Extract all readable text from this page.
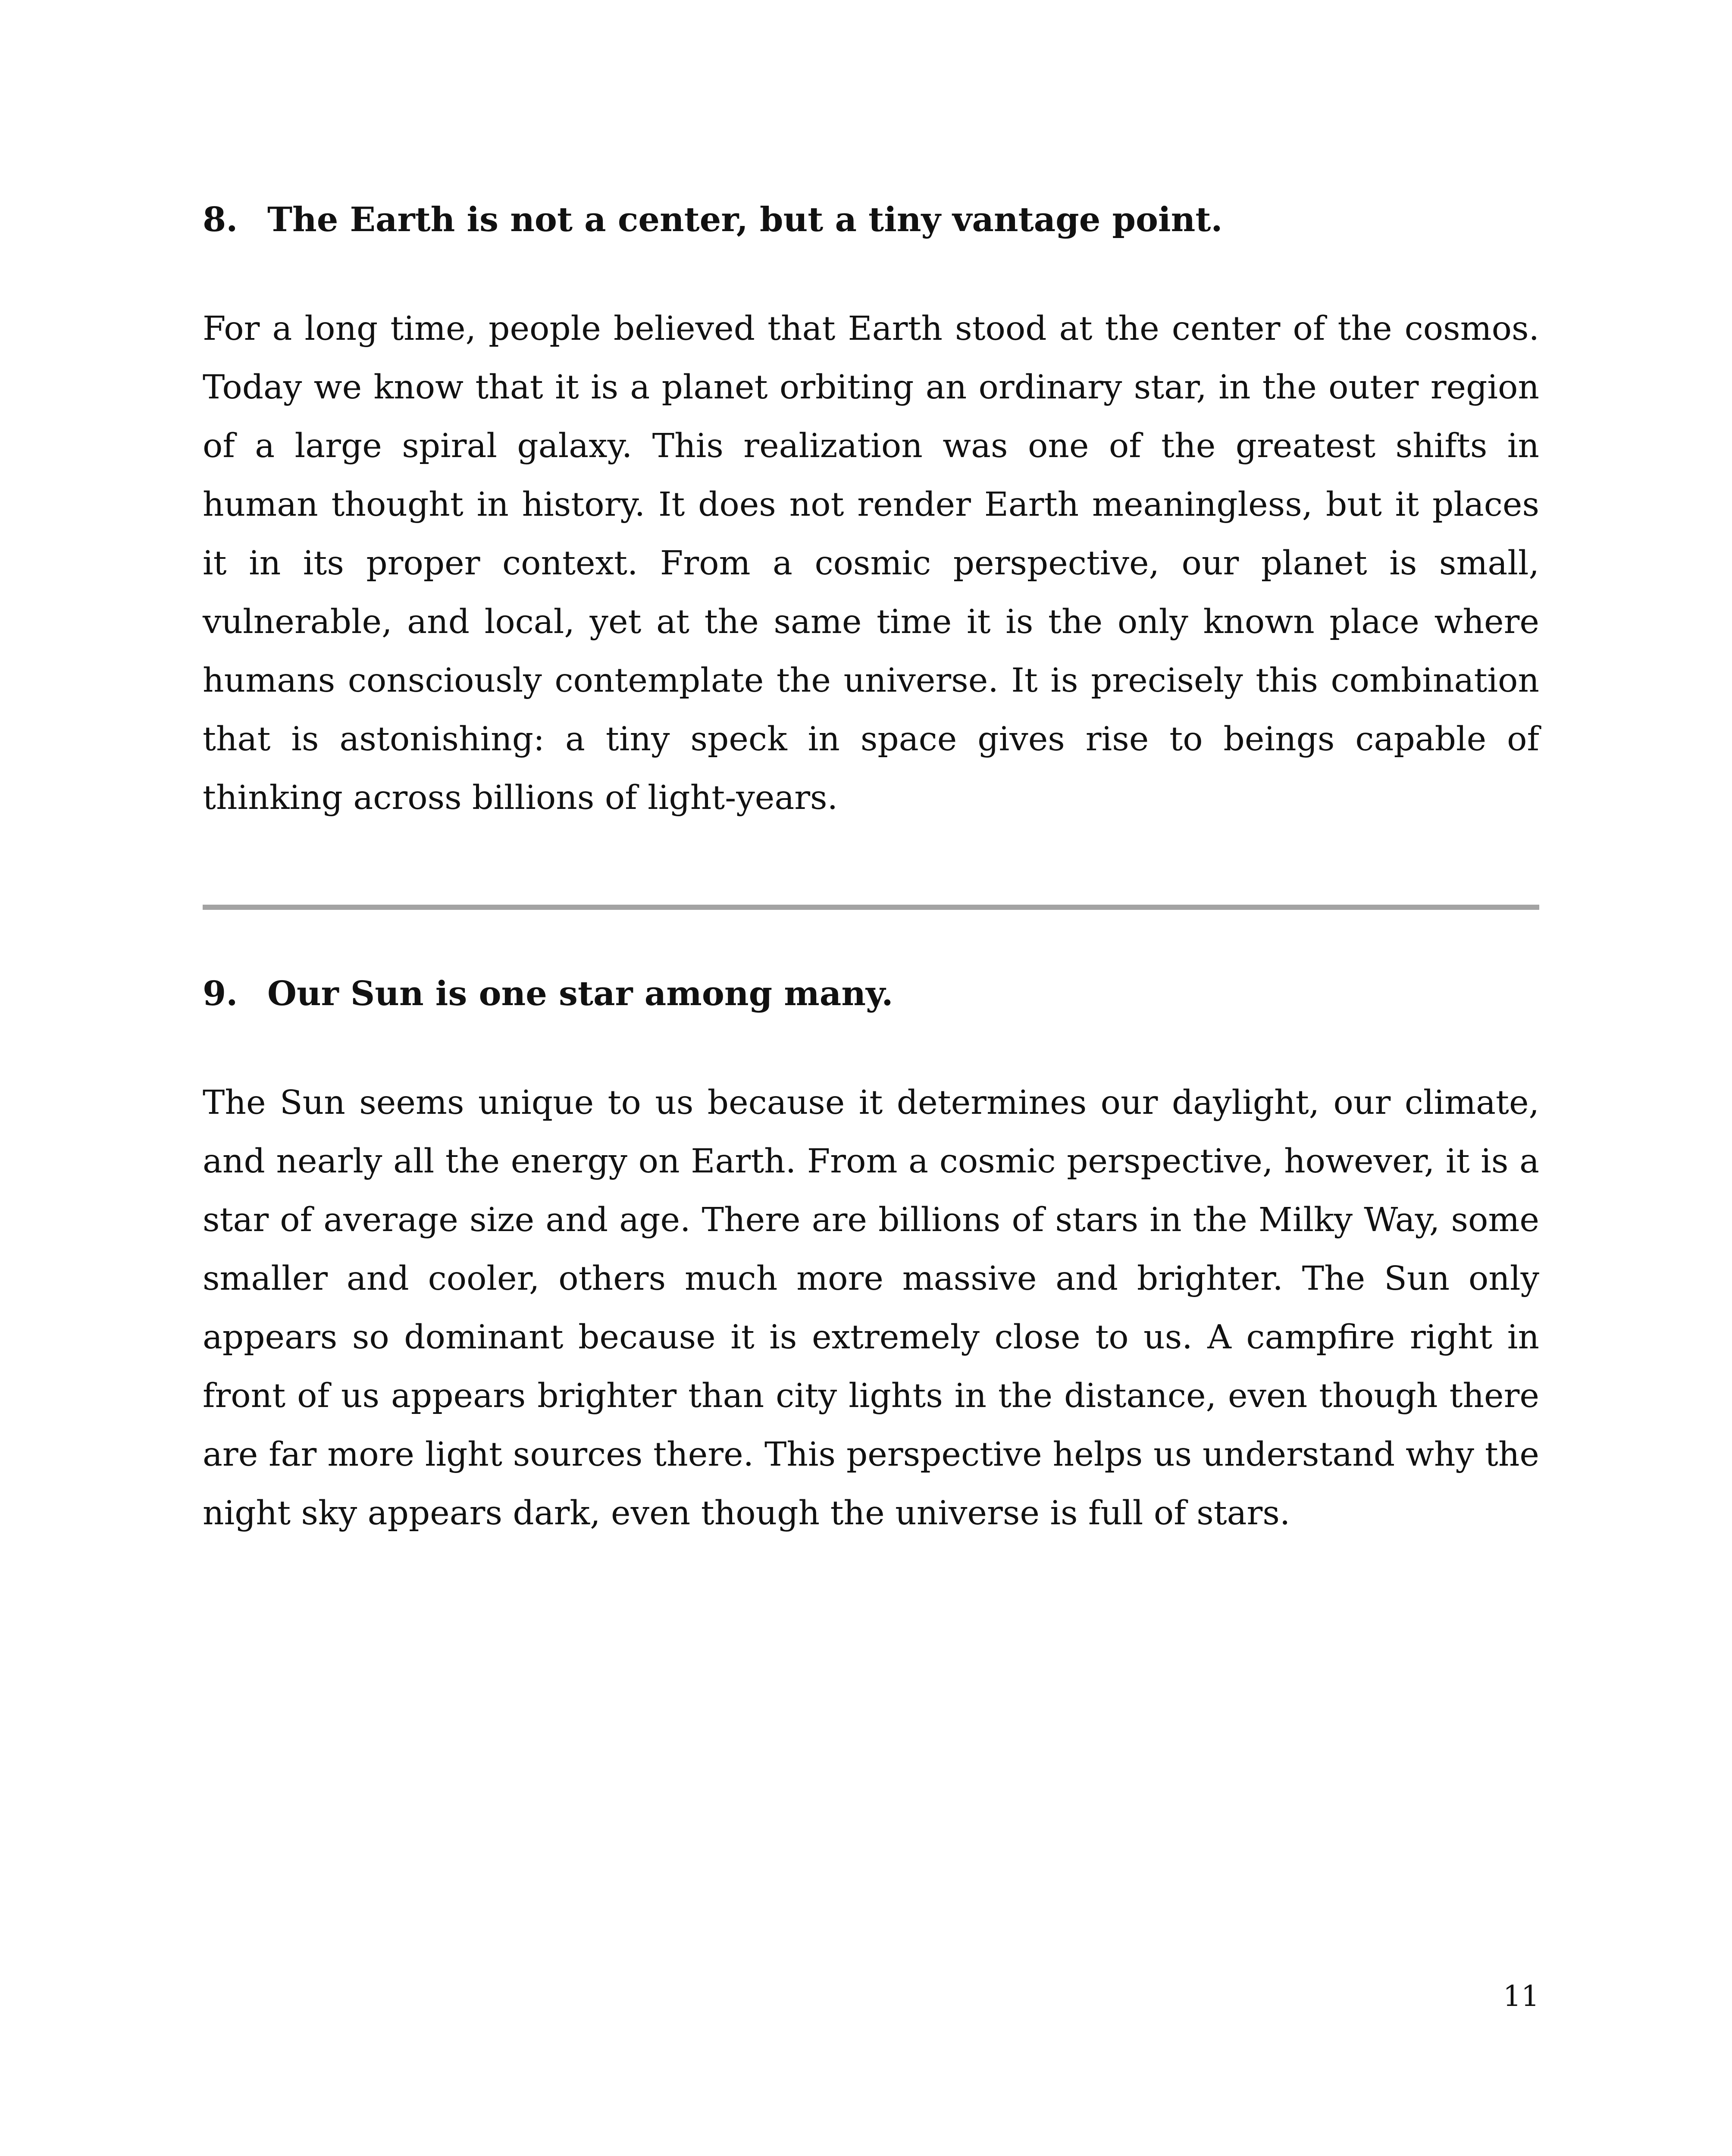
8. The Earth is not a center, but a tiny vantage point.

For a long time, people believed that Earth stood at the center of the cosmos. Today we know that it is a planet orbiting an ordinary star, in the outer region of a large spiral galaxy. This realization was one of the greatest shifts in human thought in history. It does not render Earth meaningless, but it places it in its proper context. From a cosmic perspective, our planet is small, vulnerable, and local, yet at the same time it is the only known place where humans consciously contemplate the universe. It is precisely this combination that is astonishing: a tiny speck in space gives rise to beings capable of thinking across billions of light-years.

9. Our Sun is one star among many.

The Sun seems unique to us because it determines our daylight, our climate, and nearly all the energy on Earth. From a cosmic perspective, however, it is a star of average size and age. There are billions of stars in the Milky Way, some smaller and cooler, others much more massive and brighter. The Sun only appears so dominant because it is extremely close to us. A campfire right in front of us appears brighter than city lights in the distance, even though there are far more light sources there. This perspective helps us understand why the night sky appears dark, even though the universe is full of stars.

11
